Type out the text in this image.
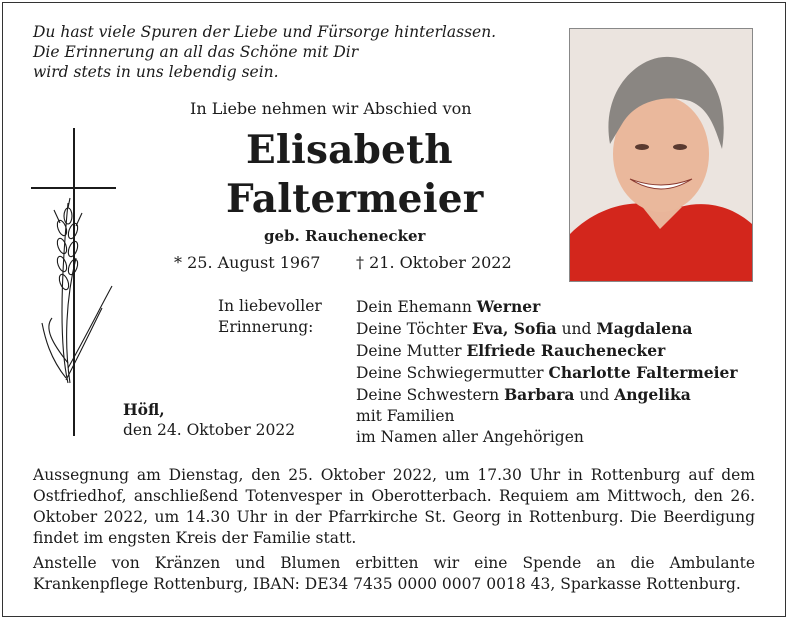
Du hast viele Spuren der Liebe und Fürsorge hinterlassen.
Die Erinnerung an all das Schöne mit Dir
wird stets in uns lebendig sein.
In Liebe nehmen wir Abschied von
Elisabeth
Faltermeier
geb. Rauchenecker
* 25. August 1967 † 21. Oktober 2022
In liebevoller
Erinnerung:
Dein Ehemann Werner
Deine Töchter Eva, Sofia und Magdalena
Deine Mutter Elfriede Rauchenecker
Deine Schwiegermutter Charlotte Faltermeier
Deine Schwestern Barbara und Angelika
mit Familien
im Namen aller Angehörigen
Höfl,
den 24. Oktober 2022
Aussegnung am Dienstag, den 25. Oktober 2022, um 17.30 Uhr in Rottenburg auf dem Ostfriedhof, anschließend Totenvesper in Oberotterbach. Requiem am Mittwoch, den 26. Oktober 2022, um 14.30 Uhr in der Pfarrkirche St. Georg in Rottenburg. Die Beerdigung findet im engsten Kreis der Familie statt.
Anstelle von Kränzen und Blumen erbitten wir eine Spende an die Ambulante Krankenpflege Rottenburg, IBAN: DE34 7435 0000 0007 0018 43, Sparkasse Rottenburg.
